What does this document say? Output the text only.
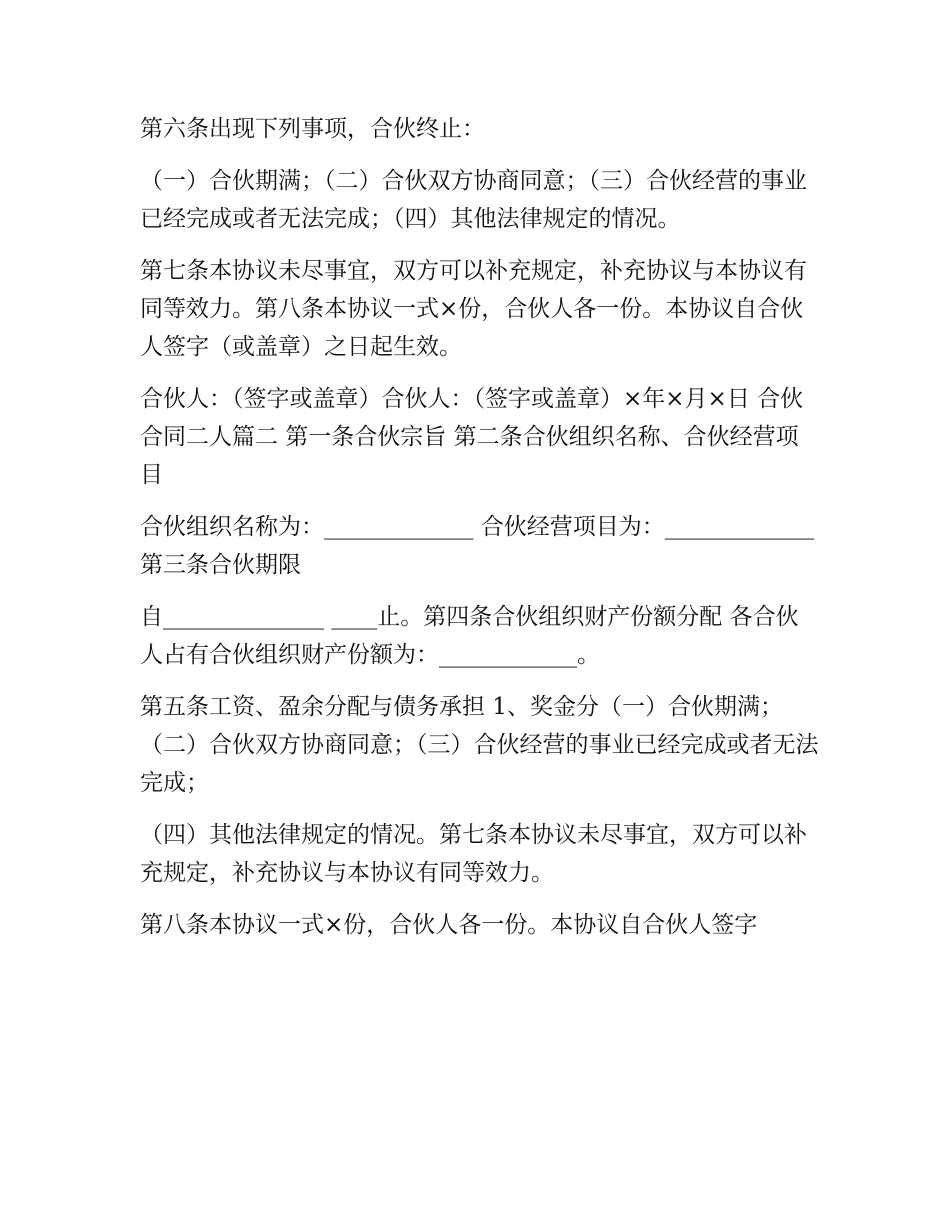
第六条出现下列事项，合伙终止：

（一）合伙期满；（二）合伙双方协商同意；（三）合伙经营的事业已经完成或者无法完成；（四）其他法律规定的情况。

第七条本协议未尽事宜，双方可以补充规定，补充协议与本协议有同等效力。第八条本协议一式×份，合伙人各一份。本协议自合伙人签字（或盖章）之日起生效。

合伙人：（签字或盖章）合伙人：（签字或盖章）×年×月×日 合伙合同二人篇二 第一条合伙宗旨 第二条合伙组织名称、合伙经营项目

合伙组织名称为：_____________ 合伙经营项目为：_____________ 第三条合伙期限

自______________ ____止。第四条合伙组织财产份额分配 各合伙人占有合伙组织财产份额为：____________。

第五条工资、盈余分配与债务承担 1、奖金分（一）合伙期满；（二）合伙双方协商同意；（三）合伙经营的事业已经完成或者无法完成；

（四）其他法律规定的情况。第七条本协议未尽事宜，双方可以补充规定，补充协议与本协议有同等效力。

第八条本协议一式×份，合伙人各一份。本协议自合伙人签字
